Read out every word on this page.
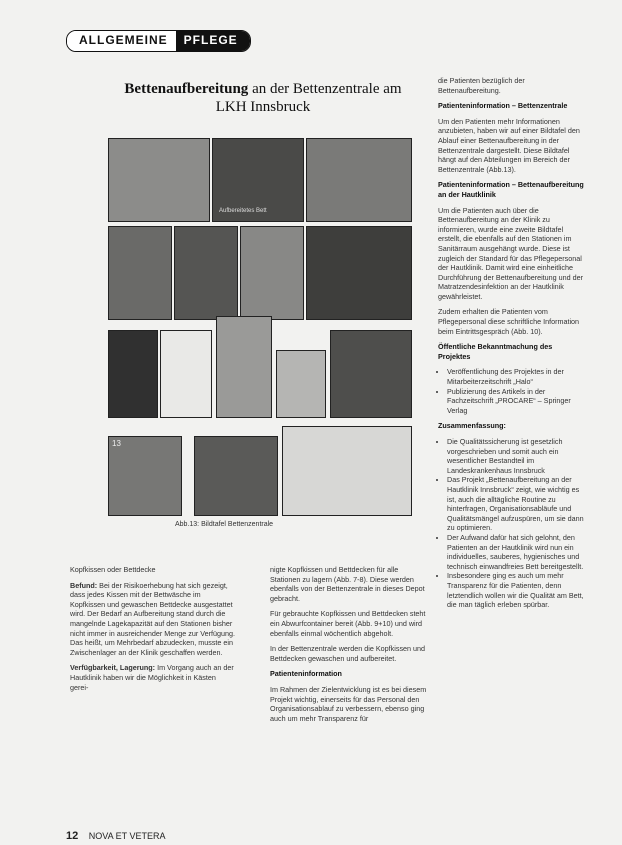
ALLGEMEINE	PFLEGE
Bettenaufbereitung an der Bettenzentrale am
LKH Innsbruck
Aufbereitetes Bett
13
Abb.13: Bildtafel Bettenzentrale

Kopfkissen oder Bettdecke

Befund: Bei der Risikoerhebung hat sich gezeigt, dass jedes Kissen mit der Bettwäsche im Kopfkissen und gewaschen Bettdecke ausgestattet wird. Der Bedarf an Aufbereitung stand durch die mangelnde Lagekapazität auf den Stationen bisher nicht immer in ausreichender Menge zur Verfügung. Das heißt, um Mehrbedarf abzudecken, musste ein Zwischenlager an der Klinik geschaffen werden.

Verfügbarkeit, Lagerung: Im Vorgang auch an der Hautklinik haben wir die Möglichkeit in Kästen gerei-

nigte Kopfkissen und Bettdecken für alle Stationen zu lagern (Abb. 7-8). Diese werden ebenfalls von der Bettenzentrale in dieses Depot gebracht.

Für gebrauchte Kopfkissen und Bettdecken steht ein Abwurfcontainer bereit (Abb. 9+10) und wird ebenfalls einmal wöchentlich abgeholt.

In der Bettenzentrale werden die Kopfkissen und Bettdecken gewaschen und aufbereitet.

Patienteninformation

Im Rahmen der Zielentwicklung ist es bei diesem Projekt wichtig, einerseits für das Personal den Organisationsablauf zu verbessern, ebenso ging auch um mehr Transparenz für

die Patienten bezüglich der Bettenaufbereitung.

Patienteninformation – Bettenzentrale

Um den Patienten mehr Informationen anzubieten, haben wir auf einer Bildtafel den Ablauf einer Bettenaufbereitung in der Bettenzentrale dargestellt. Diese Bildtafel hängt auf den Abteilungen im Bereich der Bettenzentrale (Abb.13).

Patienteninformation – Bettenaufbereitung an der Hautklinik

Um die Patienten auch über die Bettenaufbereitung an der Klinik zu informieren, wurde eine zweite Bildtafel erstellt, die ebenfalls auf den Stationen im Sanitärraum ausgehängt wurde. Diese ist zugleich der Standard für das Pflegepersonal der Hautklinik. Damit wird eine einheitliche Durchführung der Bettenaufbereitung und der Matratzendesinfektion an der Hautklinik gewährleistet.

Zudem erhalten die Patienten vom Pflegepersonal diese schriftliche Information beim Eintrittsgespräch (Abb. 10).

Öffentliche Bekanntmachung des Projektes

• Veröffentlichung des Projektes in der Mitarbeiterzeitschrift „Halo“
• Publizierung des Artikels in der Fachzeitschrift „PROCARE“ – Springer Verlag

Zusammenfassung:

• Die Qualitätssicherung ist gesetzlich vorgeschrieben und somit auch ein wesentlicher Bestandteil im Landeskrankenhaus Innsbruck
• Das Projekt „Bettenaufbereitung an der Hautklinik Innsbruck“ zeigt, wie wichtig es ist, auch die alltägliche Routine zu hinterfragen, Organisationsabläufe und Qualitätsmängel aufzuspüren, um sie dann zu optimieren.
• Der Aufwand dafür hat sich gelohnt, den Patienten an der Hautklinik wird nun ein individuelles, sauberes, hygienisches und technisch einwandfreies Bett bereitgestellt.
• Insbesondere ging es auch um mehr Transparenz für die Patienten, denn letztendlich wollen wir die Qualität am Bett, die man täglich erleben spürbar.
12 NOVA ET VETERA
